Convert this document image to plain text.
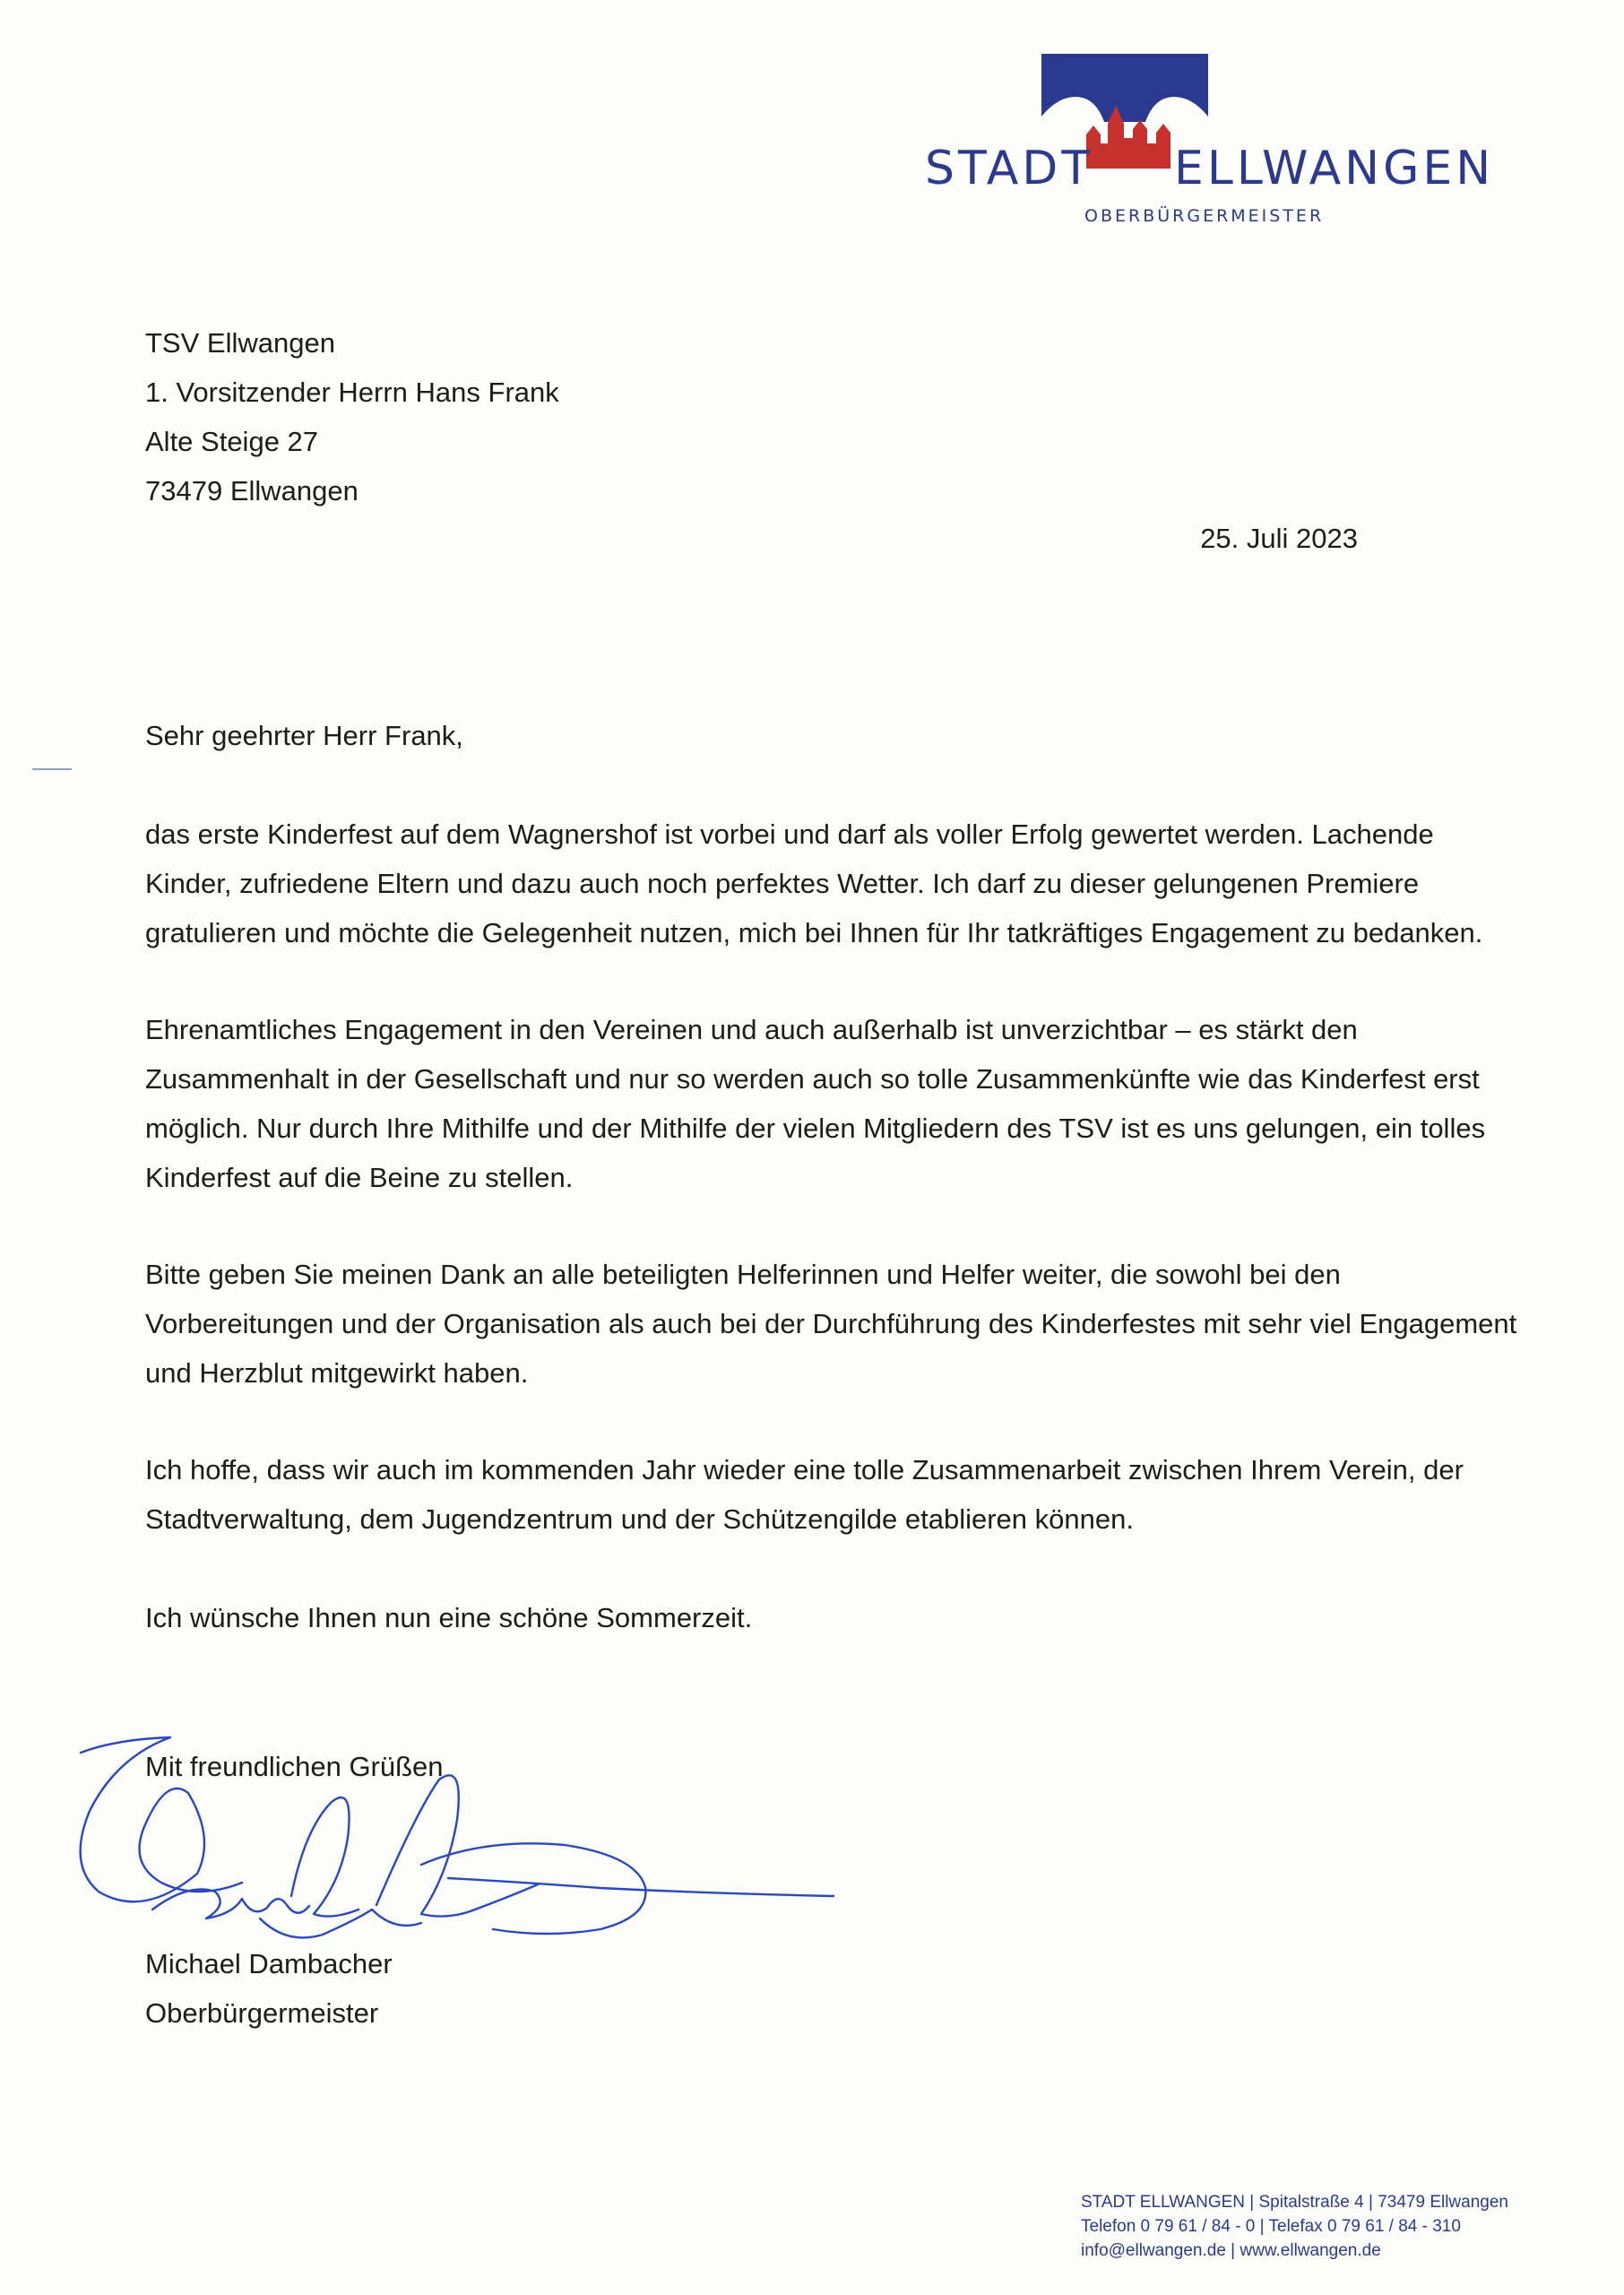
STADT ELLWANGEN
OBERBÜRGERMEISTER
TSV Ellwangen
1. Vorsitzender Herrn Hans Frank
Alte Steige 27
73479 Ellwangen
25. Juli 2023
Sehr geehrter Herr Frank,
das erste Kinderfest auf dem Wagnershof ist vorbei und darf als voller Erfolg gewertet werden. Lachende
Kinder, zufriedene Eltern und dazu auch noch perfektes Wetter. Ich darf zu dieser gelungenen Premiere
gratulieren und möchte die Gelegenheit nutzen, mich bei Ihnen für Ihr tatkräftiges Engagement zu bedanken.
Ehrenamtliches Engagement in den Vereinen und auch außerhalb ist unverzichtbar – es stärkt den
Zusammenhalt in der Gesellschaft und nur so werden auch so tolle Zusammenkünfte wie das Kinderfest erst
möglich. Nur durch Ihre Mithilfe und der Mithilfe der vielen Mitgliedern des TSV ist es uns gelungen, ein tolles
Kinderfest auf die Beine zu stellen.
Bitte geben Sie meinen Dank an alle beteiligten Helferinnen und Helfer weiter, die sowohl bei den
Vorbereitungen und der Organisation als auch bei der Durchführung des Kinderfestes mit sehr viel Engagement
und Herzblut mitgewirkt haben.
Ich hoffe, dass wir auch im kommenden Jahr wieder eine tolle Zusammenarbeit zwischen Ihrem Verein, der
Stadtverwaltung, dem Jugendzentrum und der Schützengilde etablieren können.
Ich wünsche Ihnen nun eine schöne Sommerzeit.
Mit freundlichen Grüßen
Michael Dambacher
Oberbürgermeister
STADT ELLWANGEN | Spitalstraße 4 | 73479 Ellwangen
Telefon 0 79 61 / 84 - 0 | Telefax 0 79 61 / 84 - 310
info@ellwangen.de | www.ellwangen.de
